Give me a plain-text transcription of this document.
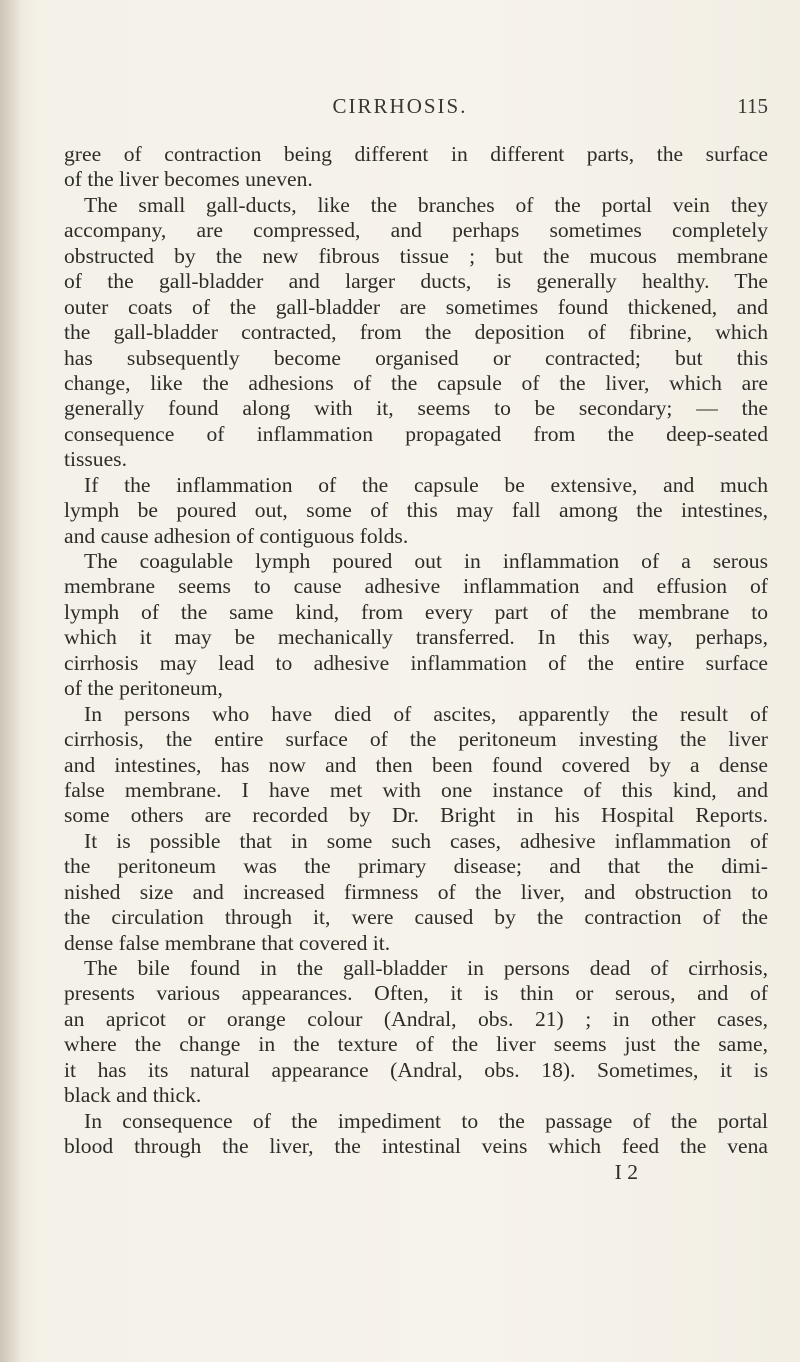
CIRRHOSIS.	115
gree of contraction being different in different parts, the surface
of the liver becomes uneven.
The small gall-ducts, like the branches of the portal vein they
accompany, are compressed, and perhaps sometimes completely
obstructed by the new fibrous tissue ; but the mucous membrane
of the gall-bladder and larger ducts, is generally healthy. The
outer coats of the gall-bladder are sometimes found thickened, and
the gall-bladder contracted, from the deposition of fibrine, which
has subsequently become organised or contracted; but this
change, like the adhesions of the capsule of the liver, which are
generally found along with it, seems to be secondary; — the
consequence of inflammation propagated from the deep-seated
tissues.
If the inflammation of the capsule be extensive, and much
lymph be poured out, some of this may fall among the intestines,
and cause adhesion of contiguous folds.
The coagulable lymph poured out in inflammation of a serous
membrane seems to cause adhesive inflammation and effusion of
lymph of the same kind, from every part of the membrane to
which it may be mechanically transferred. In this way, perhaps,
cirrhosis may lead to adhesive inflammation of the entire surface
of the peritoneum,
In persons who have died of ascites, apparently the result of
cirrhosis, the entire surface of the peritoneum investing the liver
and intestines, has now and then been found covered by a dense
false membrane. I have met with one instance of this kind, and
some others are recorded by Dr. Bright in his Hospital Reports.
It is possible that in some such cases, adhesive inflammation of
the peritoneum was the primary disease; and that the dimi-
nished size and increased firmness of the liver, and obstruction to
the circulation through it, were caused by the contraction of the
dense false membrane that covered it.
The bile found in the gall-bladder in persons dead of cirrhosis,
presents various appearances. Often, it is thin or serous, and of
an apricot or orange colour (Andral, obs. 21) ; in other cases,
where the change in the texture of the liver seems just the same,
it has its natural appearance (Andral, obs. 18). Sometimes, it is
black and thick.
In consequence of the impediment to the passage of the portal
blood through the liver, the intestinal veins which feed the vena
I 2
